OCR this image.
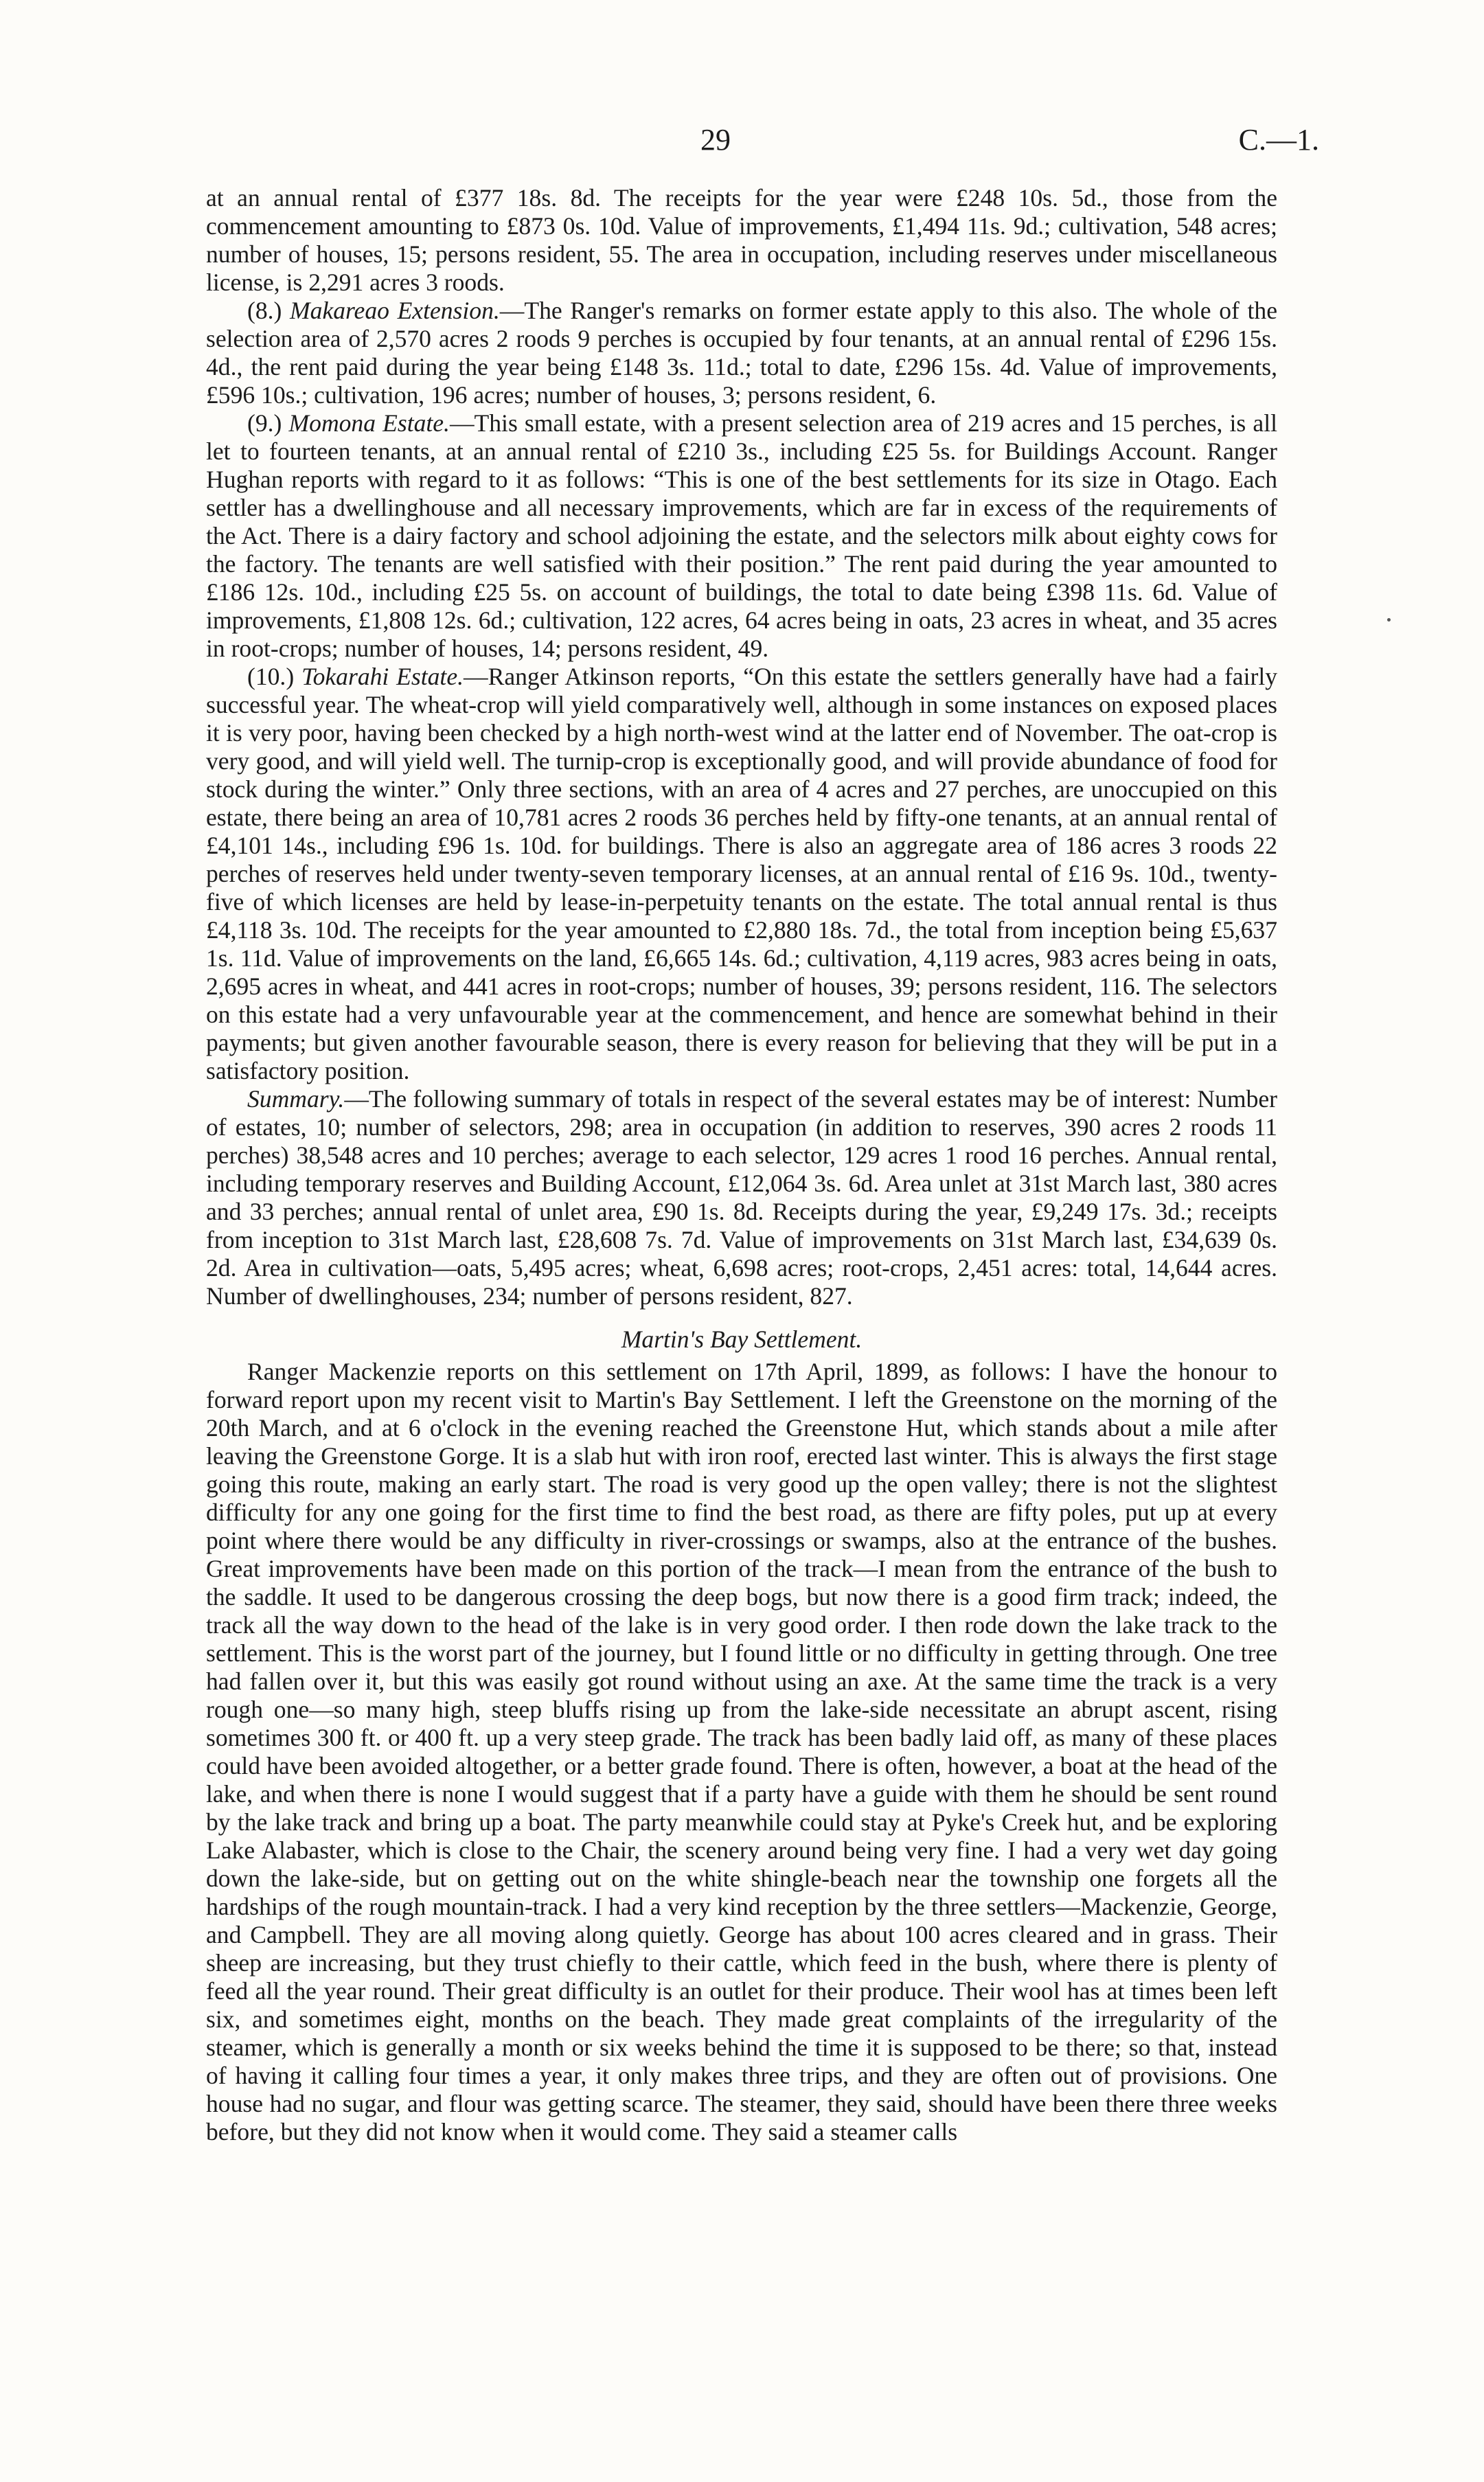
29	C.—1.

at an annual rental of £377 18s. 8d. The receipts for the year were £248 10s. 5d., those from the commencement amounting to £873 0s. 10d. Value of improvements, £1,494 11s. 9d.; cultivation, 548 acres; number of houses, 15; persons resident, 55. The area in occupation, including reserves under miscellaneous license, is 2,291 acres 3 roods.

(8.) Makareao Extension.—The Ranger's remarks on former estate apply to this also. The whole of the selection area of 2,570 acres 2 roods 9 perches is occupied by four tenants, at an annual rental of £296 15s. 4d., the rent paid during the year being £148 3s. 11d.; total to date, £296 15s. 4d. Value of improvements, £596 10s.; cultivation, 196 acres; number of houses, 3; persons resident, 6.

(9.) Momona Estate.—This small estate, with a present selection area of 219 acres and 15 perches, is all let to fourteen tenants, at an annual rental of £210 3s., including £25 5s. for Buildings Account. Ranger Hughan reports with regard to it as follows: “This is one of the best settlements for its size in Otago. Each settler has a dwellinghouse and all necessary improvements, which are far in excess of the requirements of the Act. There is a dairy factory and school adjoining the estate, and the selectors milk about eighty cows for the factory. The tenants are well satisfied with their position.” The rent paid during the year amounted to £186 12s. 10d., including £25 5s. on account of buildings, the total to date being £398 11s. 6d. Value of improvements, £1,808 12s. 6d.; cultivation, 122 acres, 64 acres being in oats, 23 acres in wheat, and 35 acres in root-crops; number of houses, 14; persons resident, 49.

(10.) Tokarahi Estate.—Ranger Atkinson reports, “On this estate the settlers generally have had a fairly successful year. The wheat-crop will yield comparatively well, although in some instances on exposed places it is very poor, having been checked by a high north-west wind at the latter end of November. The oat-crop is very good, and will yield well. The turnip-crop is exceptionally good, and will provide abundance of food for stock during the winter.” Only three sections, with an area of 4 acres and 27 perches, are unoccupied on this estate, there being an area of 10,781 acres 2 roods 36 perches held by fifty-one tenants, at an annual rental of £4,101 14s., including £96 1s. 10d. for buildings. There is also an aggregate area of 186 acres 3 roods 22 perches of reserves held under twenty-seven temporary licenses, at an annual rental of £16 9s. 10d., twenty-five of which licenses are held by lease-in-perpetuity tenants on the estate. The total annual rental is thus £4,118 3s. 10d. The receipts for the year amounted to £2,880 18s. 7d., the total from inception being £5,637 1s. 11d. Value of improvements on the land, £6,665 14s. 6d.; cultivation, 4,119 acres, 983 acres being in oats, 2,695 acres in wheat, and 441 acres in root-crops; number of houses, 39; persons resident, 116. The selectors on this estate had a very unfavourable year at the commencement, and hence are somewhat behind in their payments; but given another favourable season, there is every reason for believing that they will be put in a satisfactory position.

Summary.—The following summary of totals in respect of the several estates may be of interest: Number of estates, 10; number of selectors, 298; area in occupation (in addition to reserves, 390 acres 2 roods 11 perches) 38,548 acres and 10 perches; average to each selector, 129 acres 1 rood 16 perches. Annual rental, including temporary reserves and Building Account, £12,064 3s. 6d. Area unlet at 31st March last, 380 acres and 33 perches; annual rental of unlet area, £90 1s. 8d. Receipts during the year, £9,249 17s. 3d.; receipts from inception to 31st March last, £28,608 7s. 7d. Value of improvements on 31st March last, £34,639 0s. 2d. Area in cultivation—oats, 5,495 acres; wheat, 6,698 acres; root-crops, 2,451 acres: total, 14,644 acres. Number of dwellinghouses, 234; number of persons resident, 827.

Martin's Bay Settlement.

Ranger Mackenzie reports on this settlement on 17th April, 1899, as follows: I have the honour to forward report upon my recent visit to Martin's Bay Settlement. I left the Greenstone on the morning of the 20th March, and at 6 o'clock in the evening reached the Greenstone Hut, which stands about a mile after leaving the Greenstone Gorge. It is a slab hut with iron roof, erected last winter. This is always the first stage going this route, making an early start. The road is very good up the open valley; there is not the slightest difficulty for any one going for the first time to find the best road, as there are fifty poles, put up at every point where there would be any difficulty in river-crossings or swamps, also at the entrance of the bushes. Great improvements have been made on this portion of the track—I mean from the entrance of the bush to the saddle. It used to be dangerous crossing the deep bogs, but now there is a good firm track; indeed, the track all the way down to the head of the lake is in very good order. I then rode down the lake track to the settlement. This is the worst part of the journey, but I found little or no difficulty in getting through. One tree had fallen over it, but this was easily got round without using an axe. At the same time the track is a very rough one—so many high, steep bluffs rising up from the lake-side necessitate an abrupt ascent, rising sometimes 300 ft. or 400 ft. up a very steep grade. The track has been badly laid off, as many of these places could have been avoided altogether, or a better grade found. There is often, however, a boat at the head of the lake, and when there is none I would suggest that if a party have a guide with them he should be sent round by the lake track and bring up a boat. The party meanwhile could stay at Pyke's Creek hut, and be exploring Lake Alabaster, which is close to the Chair, the scenery around being very fine. I had a very wet day going down the lake-side, but on getting out on the white shingle-beach near the township one forgets all the hardships of the rough mountain-track. I had a very kind reception by the three settlers—Mackenzie, George, and Campbell. They are all moving along quietly. George has about 100 acres cleared and in grass. Their sheep are increasing, but they trust chiefly to their cattle, which feed in the bush, where there is plenty of feed all the year round. Their great difficulty is an outlet for their produce. Their wool has at times been left six, and sometimes eight, months on the beach. They made great complaints of the irregularity of the steamer, which is generally a month or six weeks behind the time it is supposed to be there; so that, instead of having it calling four times a year, it only makes three trips, and they are often out of provisions. One house had no sugar, and flour was getting scarce. The steamer, they said, should have been there three weeks before, but they did not know when it would come. They said a steamer calls
